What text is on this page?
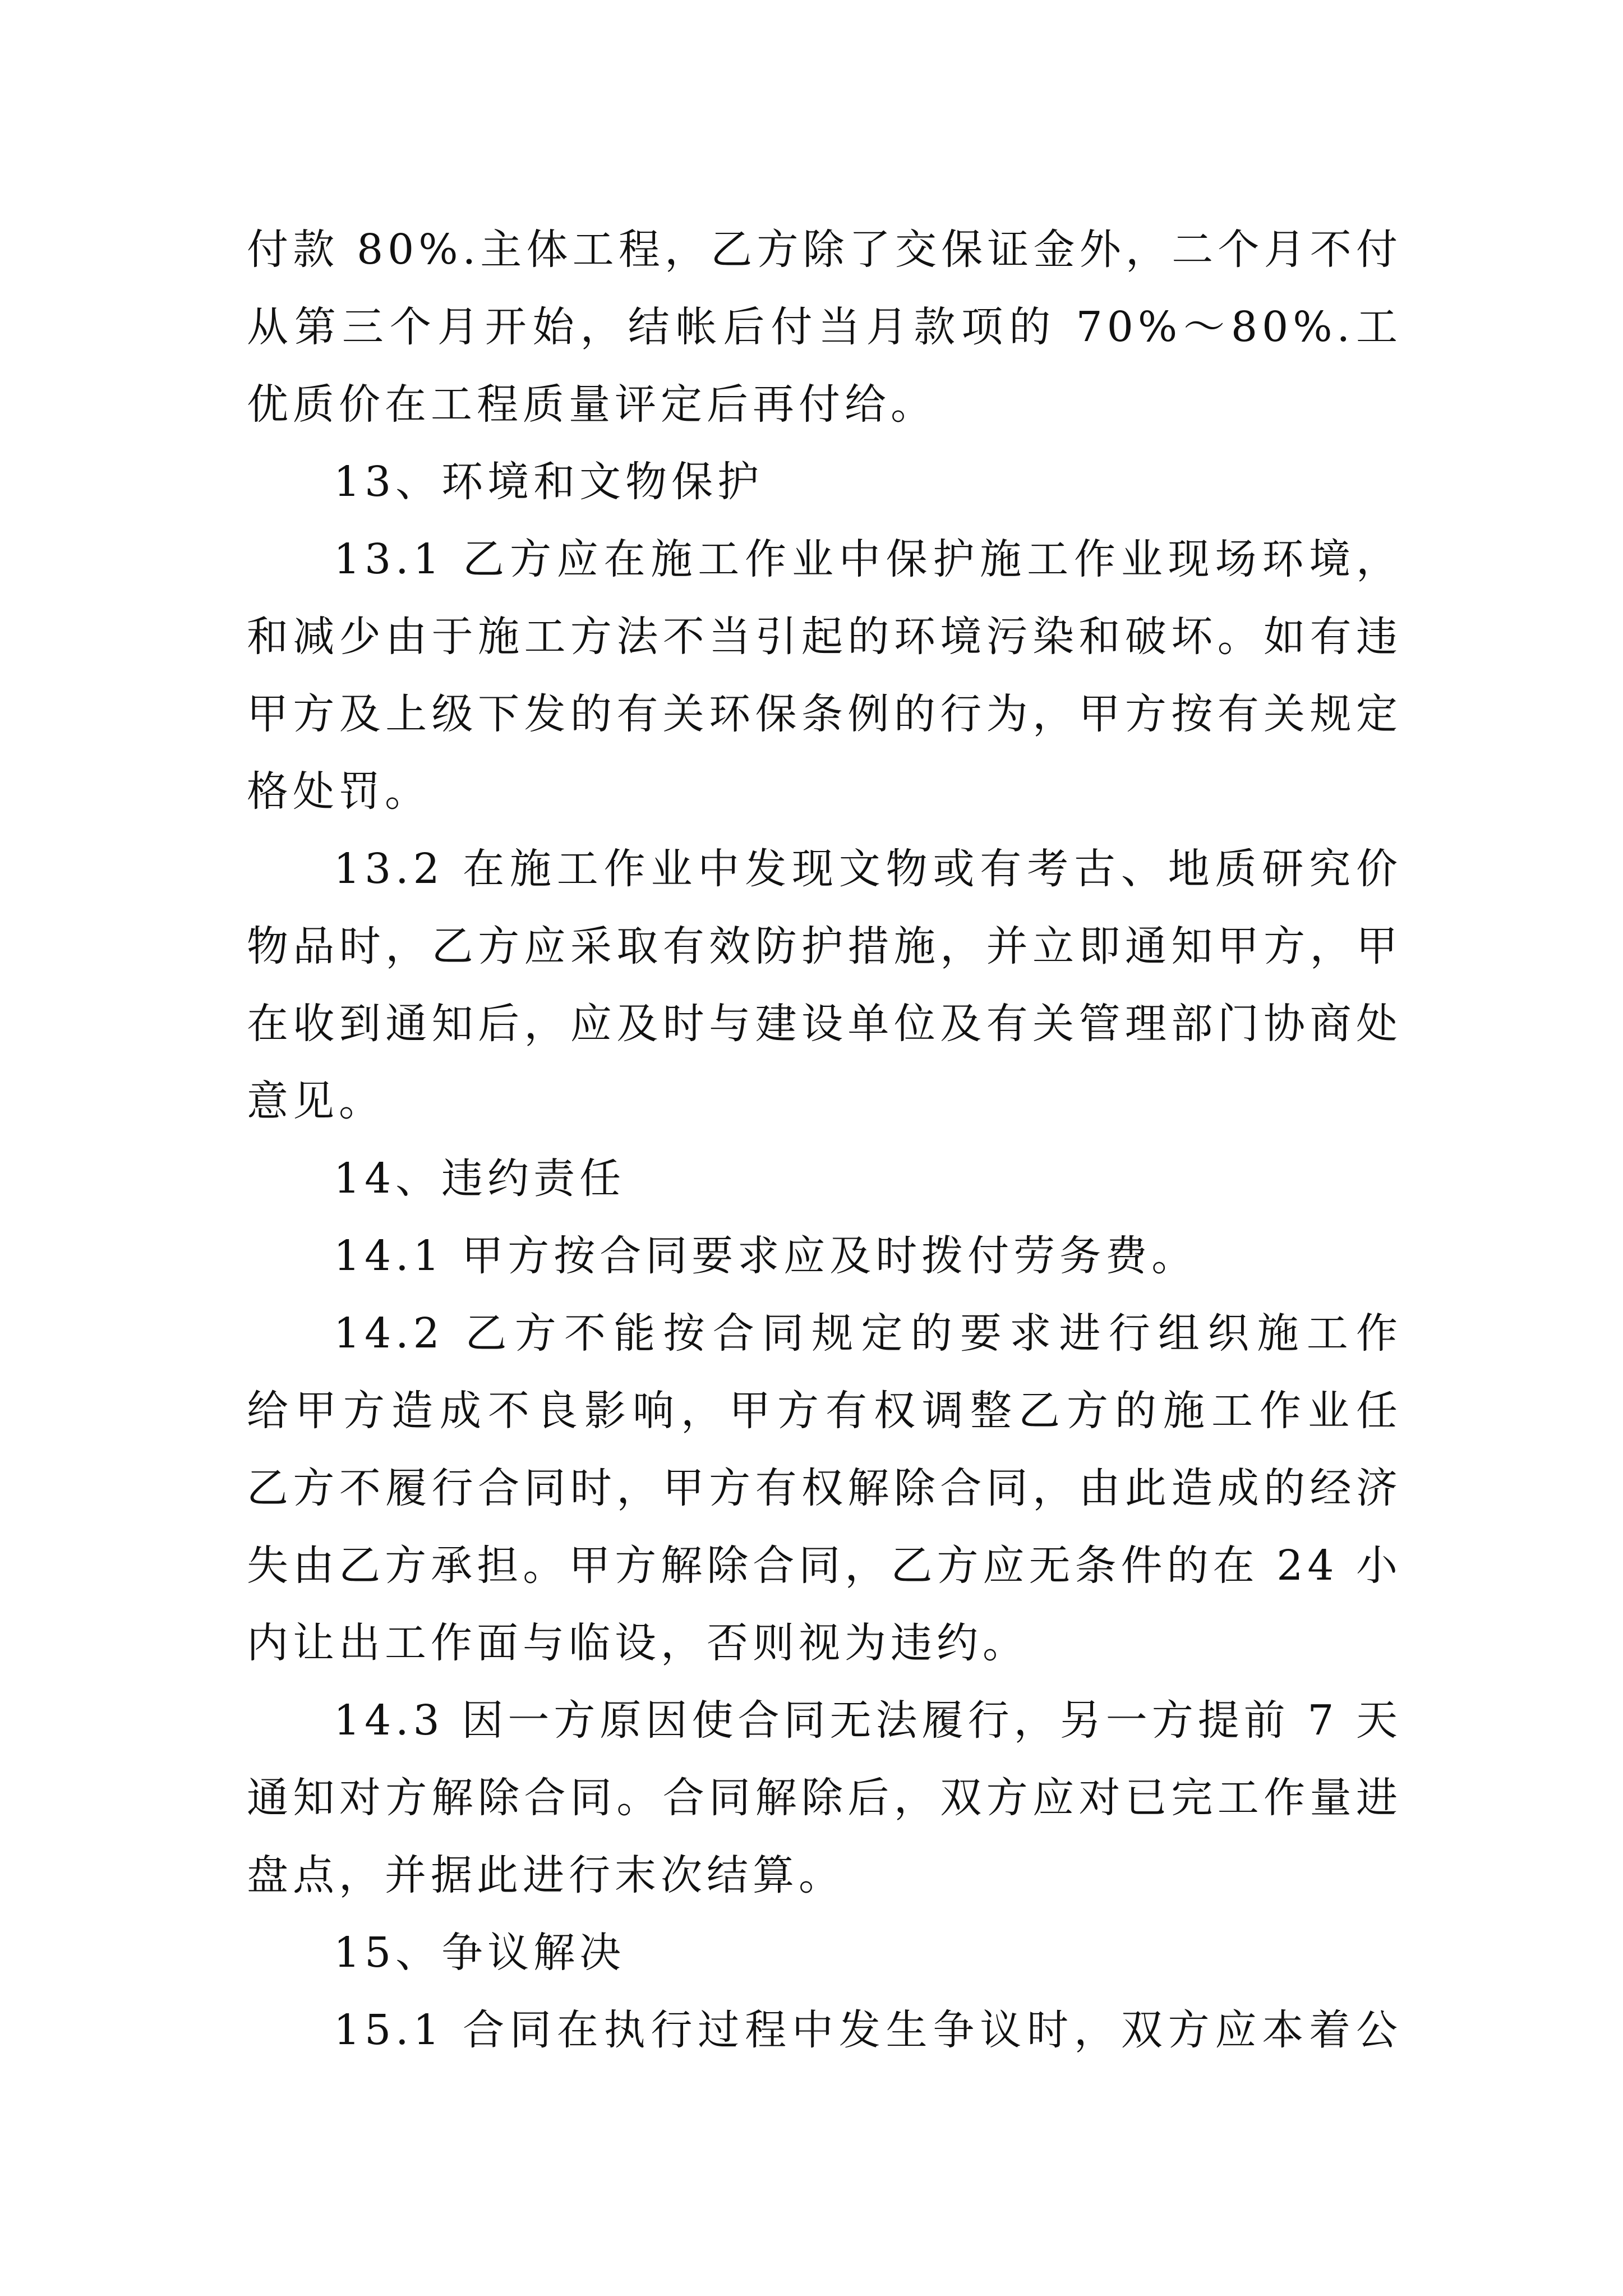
付款 80%.主体工程，乙方除了交保证金外，二个月不付
从第三个月开始，结帐后付当月款项的 70%～80%.工
优质价在工程质量评定后再付给。
13、环境和文物保护
13.1 乙方应在施工作业中保护施工作业现场环境，
和减少由于施工方法不当引起的环境污染和破坏。如有违
甲方及上级下发的有关环保条例的行为，甲方按有关规定
格处罚。
13.2 在施工作业中发现文物或有考古、地质研究价
物品时，乙方应采取有效防护措施，并立即通知甲方，甲
在收到通知后，应及时与建设单位及有关管理部门协商处
意见。
14、违约责任
14.1 甲方按合同要求应及时拨付劳务费。
14.2 乙方不能按合同规定的要求进行组织施工作
给甲方造成不良影响，甲方有权调整乙方的施工作业任
乙方不履行合同时，甲方有权解除合同，由此造成的经济
失由乙方承担。甲方解除合同，乙方应无条件的在 24 小
内让出工作面与临设，否则视为违约。
14.3 因一方原因使合同无法履行，另一方提前 7 天
通知对方解除合同。合同解除后，双方应对已完工作量进
盘点，并据此进行末次结算。
15、争议解决
15.1 合同在执行过程中发生争议时，双方应本着公
